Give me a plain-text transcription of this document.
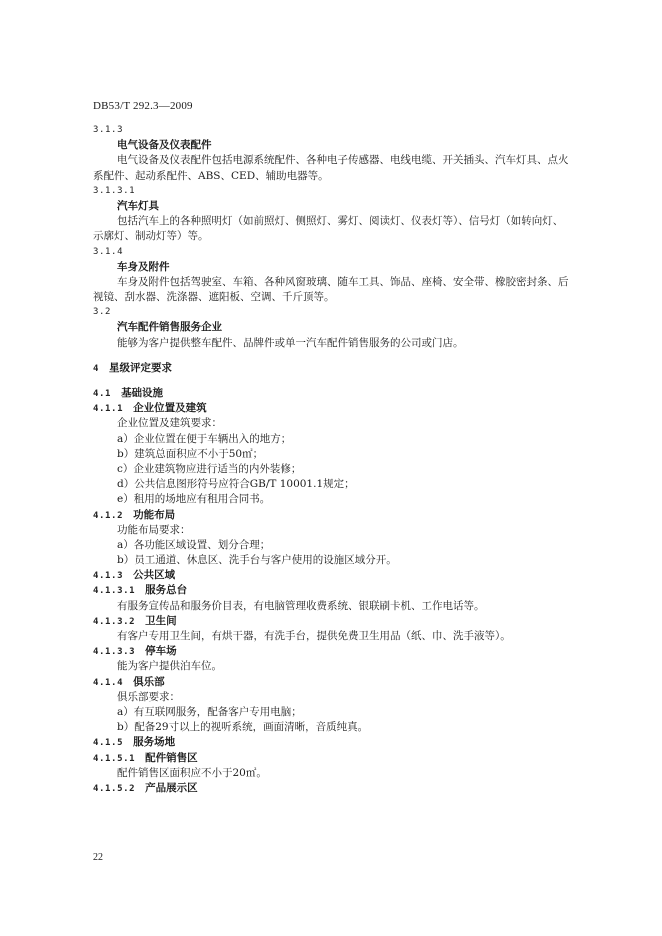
DB53/T 292.3—2009
3.1.3
电气设备及仪表配件
电气设备及仪表配件包括电源系统配件、各种电子传感器、电线电缆、开关插头、汽车灯具、点火
系配件、起动系配件、ABS、CED、辅助电器等。
3.1.3.1
汽车灯具
包括汽车上的各种照明灯（如前照灯、侧照灯、雾灯、阅读灯、仪表灯等）、信号灯（如转向灯、
示廓灯、制动灯等）等。
3.1.4
车身及附件
车身及附件包括驾驶室、车箱、各种风窗玻璃、随车工具、饰品、座椅、安全带、橡胶密封条、后
视镜、刮水器、洗涤器、遮阳板、空调、千斤顶等。
3.2
汽车配件销售服务企业
能够为客户提供整车配件、品牌件或单一汽车配件销售服务的公司或门店。
4 星级评定要求
4.1 基础设施
4.1.1 企业位置及建筑
企业位置及建筑要求：
a）企业位置在便于车辆出入的地方；
b）建筑总面积应不小于50㎡；
c）企业建筑物应进行适当的内外装修；
d）公共信息图形符号应符合GB/T 10001.1规定；
e）租用的场地应有租用合同书。
4.1.2 功能布局
功能布局要求：
a）各功能区域设置、划分合理；
b）员工通道、休息区、洗手台与客户使用的设施区域分开。
4.1.3 公共区域
4.1.3.1 服务总台
有服务宣传品和服务价目表，有电脑管理收费系统、银联刷卡机、工作电话等。
4.1.3.2 卫生间
有客户专用卫生间，有烘干器，有洗手台，提供免费卫生用品（纸、巾、洗手液等）。
4.1.3.3 停车场
能为客户提供泊车位。
4.1.4 俱乐部
俱乐部要求：
a）有互联网服务，配备客户专用电脑；
b）配备29寸以上的视听系统，画面清晰，音质纯真。
4.1.5 服务场地
4.1.5.1 配件销售区
配件销售区面积应不小于20㎡。
4.1.5.2 产品展示区
22
